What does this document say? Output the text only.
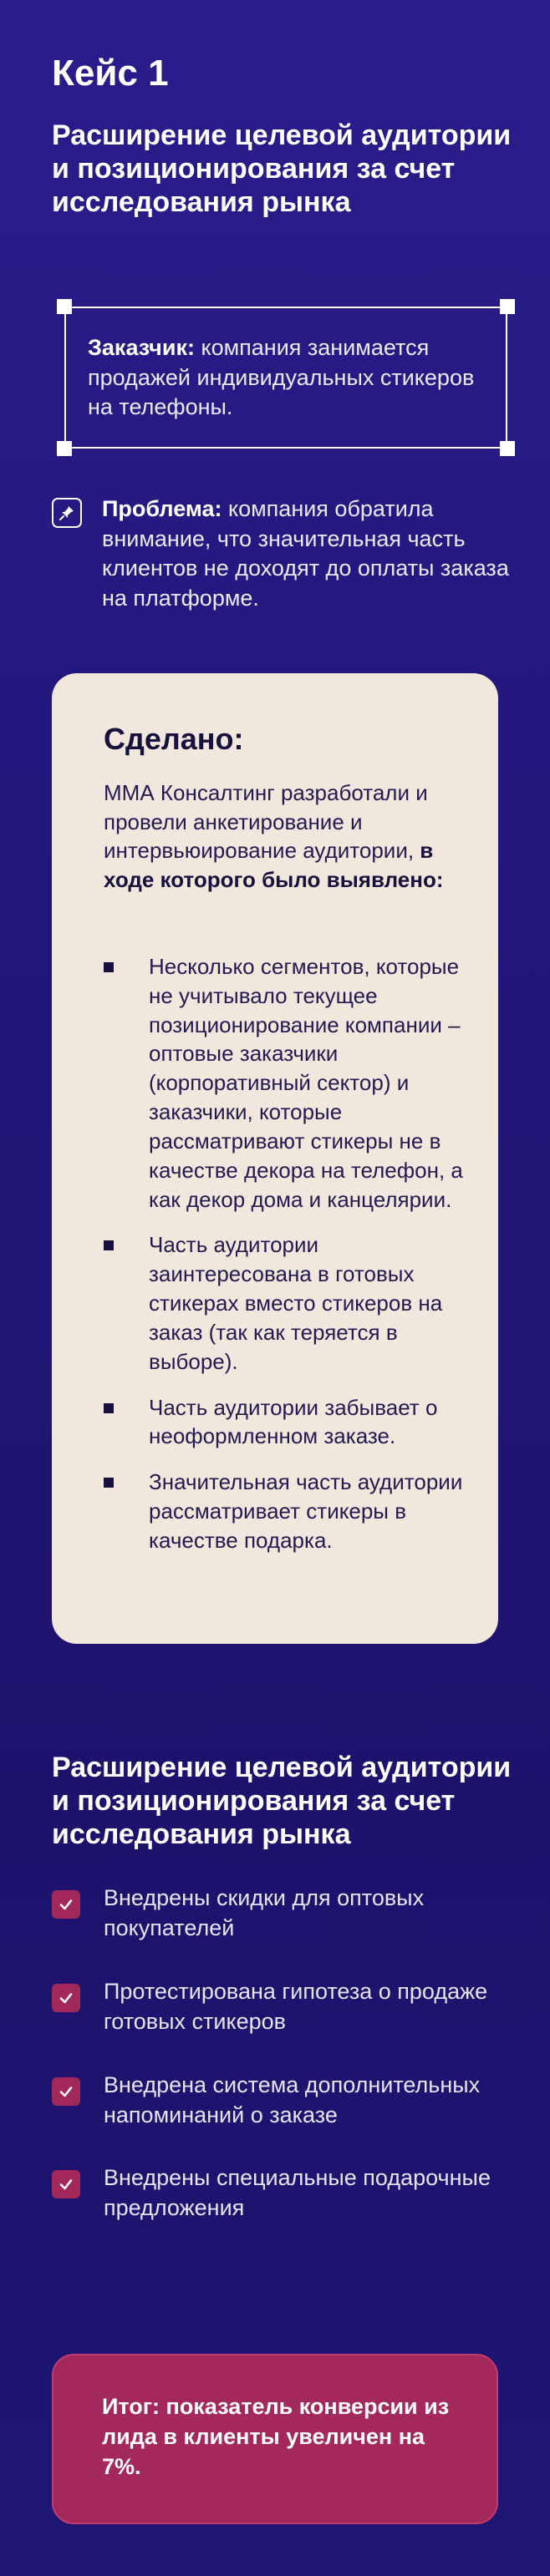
Кейс 1
Расширение целевой аудитории и позиционирования за счет исследования рынка
Заказчик: компания занимается продажей индивидуальных стикеров на телефоны.
Проблема: компания обратила внимание, что значительная часть клиентов не доходят до оплаты заказа на платформе.
Сделано:
ММА Консалтинг разработали и провели анкетирование и интервьюирование аудитории, в ходе которого было выявлено:
Несколько сегментов, которые не учитывало текущее позиционирование компании – оптовые заказчики (корпоративный сектор) и заказчики, которые рассматривают стикеры не в качестве декора на телефон, а как декор дома и канцелярии.
Часть аудитории заинтересована в готовых стикерах вместо стикеров на заказ (так как теряется в выборе).
Часть аудитории забывает о неоформленном заказе.
Значительная часть аудитории рассматривает стикеры в качестве подарка.
Расширение целевой аудитории и позиционирования за счет исследования рынка
Внедрены скидки для оптовых покупателей
Протестирована гипотеза о продаже готовых стикеров
Внедрена система дополнительных напоминаний о заказе
Внедрены специальные подарочные предложения
Итог: показатель конверсии из лида в клиенты увеличен на 7%.
